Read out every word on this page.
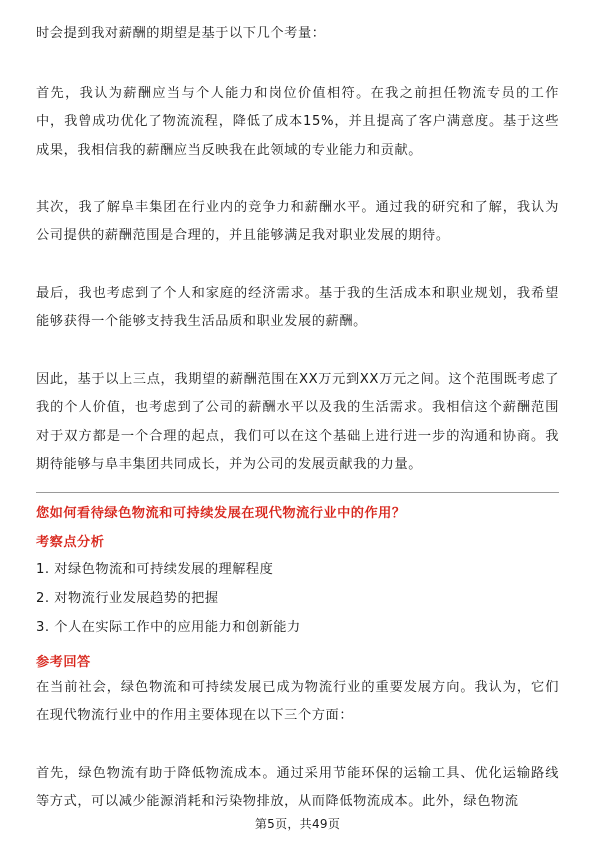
时会提到我对薪酬的期望是基于以下几个考量：

首先，我认为薪酬应当与个人能力和岗位价值相符。在我之前担任物流专员的工作中，我曾成功优化了物流流程，降低了成本15%，并且提高了客户满意度。基于这些成果，我相信我的薪酬应当反映我在此领域的专业能力和贡献。

其次，我了解阜丰集团在行业内的竞争力和薪酬水平。通过我的研究和了解，我认为公司提供的薪酬范围是合理的，并且能够满足我对职业发展的期待。

最后，我也考虑到了个人和家庭的经济需求。基于我的生活成本和职业规划，我希望能够获得一个能够支持我生活品质和职业发展的薪酬。

因此，基于以上三点，我期望的薪酬范围在XX万元到XX万元之间。这个范围既考虑了我的个人价值，也考虑到了公司的薪酬水平以及我的生活需求。我相信这个薪酬范围对于双方都是一个合理的起点，我们可以在这个基础上进行进一步的沟通和协商。我期待能够与阜丰集团共同成长，并为公司的发展贡献我的力量。

您如何看待绿色物流和可持续发展在现代物流行业中的作用？

考察点分析

1. 对绿色物流和可持续发展的理解程度

2. 对物流行业发展趋势的把握

3. 个人在实际工作中的应用能力和创新能力

参考回答

在当前社会，绿色物流和可持续发展已成为物流行业的重要发展方向。我认为，它们在现代物流行业中的作用主要体现在以下三个方面：

首先，绿色物流有助于降低物流成本。通过采用节能环保的运输工具、优化运输路线等方式，可以减少能源消耗和污染物排放，从而降低物流成本。此外，绿色物流

第5页，共49页
